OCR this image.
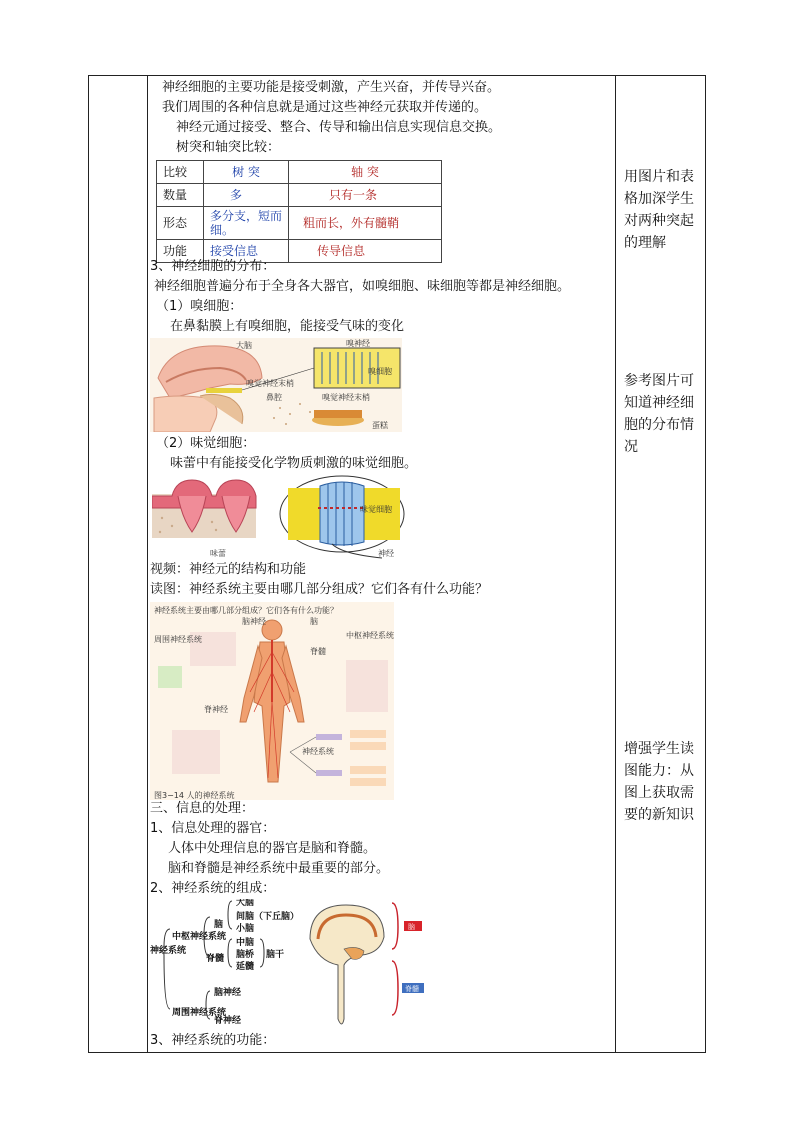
神经细胞的主要功能是接受刺激，产生兴奋，并传导兴奋。
我们周围的各种信息就是通过这些神经元获取并传递的。
神经元通过接受、整合、传导和输出信息实现信息交换。
树突和轴突比较：
比较	树 突	轴 突
数量	多	只有一条
形态	多分支，短而细。	粗而长，外有髓鞘
功能	接受信息	传导信息
3、神经细胞的分布：
神经细胞普遍分布于全身各大器官，如嗅细胞、味细胞等都是神经细胞。
（1）嗅细胞：
在鼻黏膜上有嗅细胞，能接受气味的变化
大脑	嗅神经
嗅细胞
嗅觉神经末梢
嗅觉神经末梢
鼻腔
蛋糕
（2）味觉细胞：
味蕾中有能接受化学物质刺激的味觉细胞。
味蕾
味觉细胞
神经
视频：神经元的结构和功能
读图：神经系统主要由哪几部分组成？它们各有什么功能？
神经系统主要由哪几部分组成？它们各有什么功能？
脑神经	脑
周围神经系统	中枢神经系统
脊髓
脊神经
神经系统
图3−14 人的神经系统
三、信息的处理：
1、信息处理的器官：
人体中处理信息的器官是脑和脊髓。
脑和脊髓是神经系统中最重要的部分。
2、神经系统的组成：
神经系统
中枢神经系统
周围神经系统
脑
脊髓
大脑
间脑（下丘脑）
小脑
中脑
脑桥
延髓
脑干
脑神经
脊神经
脑
脊髓
3、神经系统的功能：
用图片和表格加深学生对两种突起的理解
参考图片可知道神经细胞的分布情况
增强学生读图能力：从图上获取需要的新知识
